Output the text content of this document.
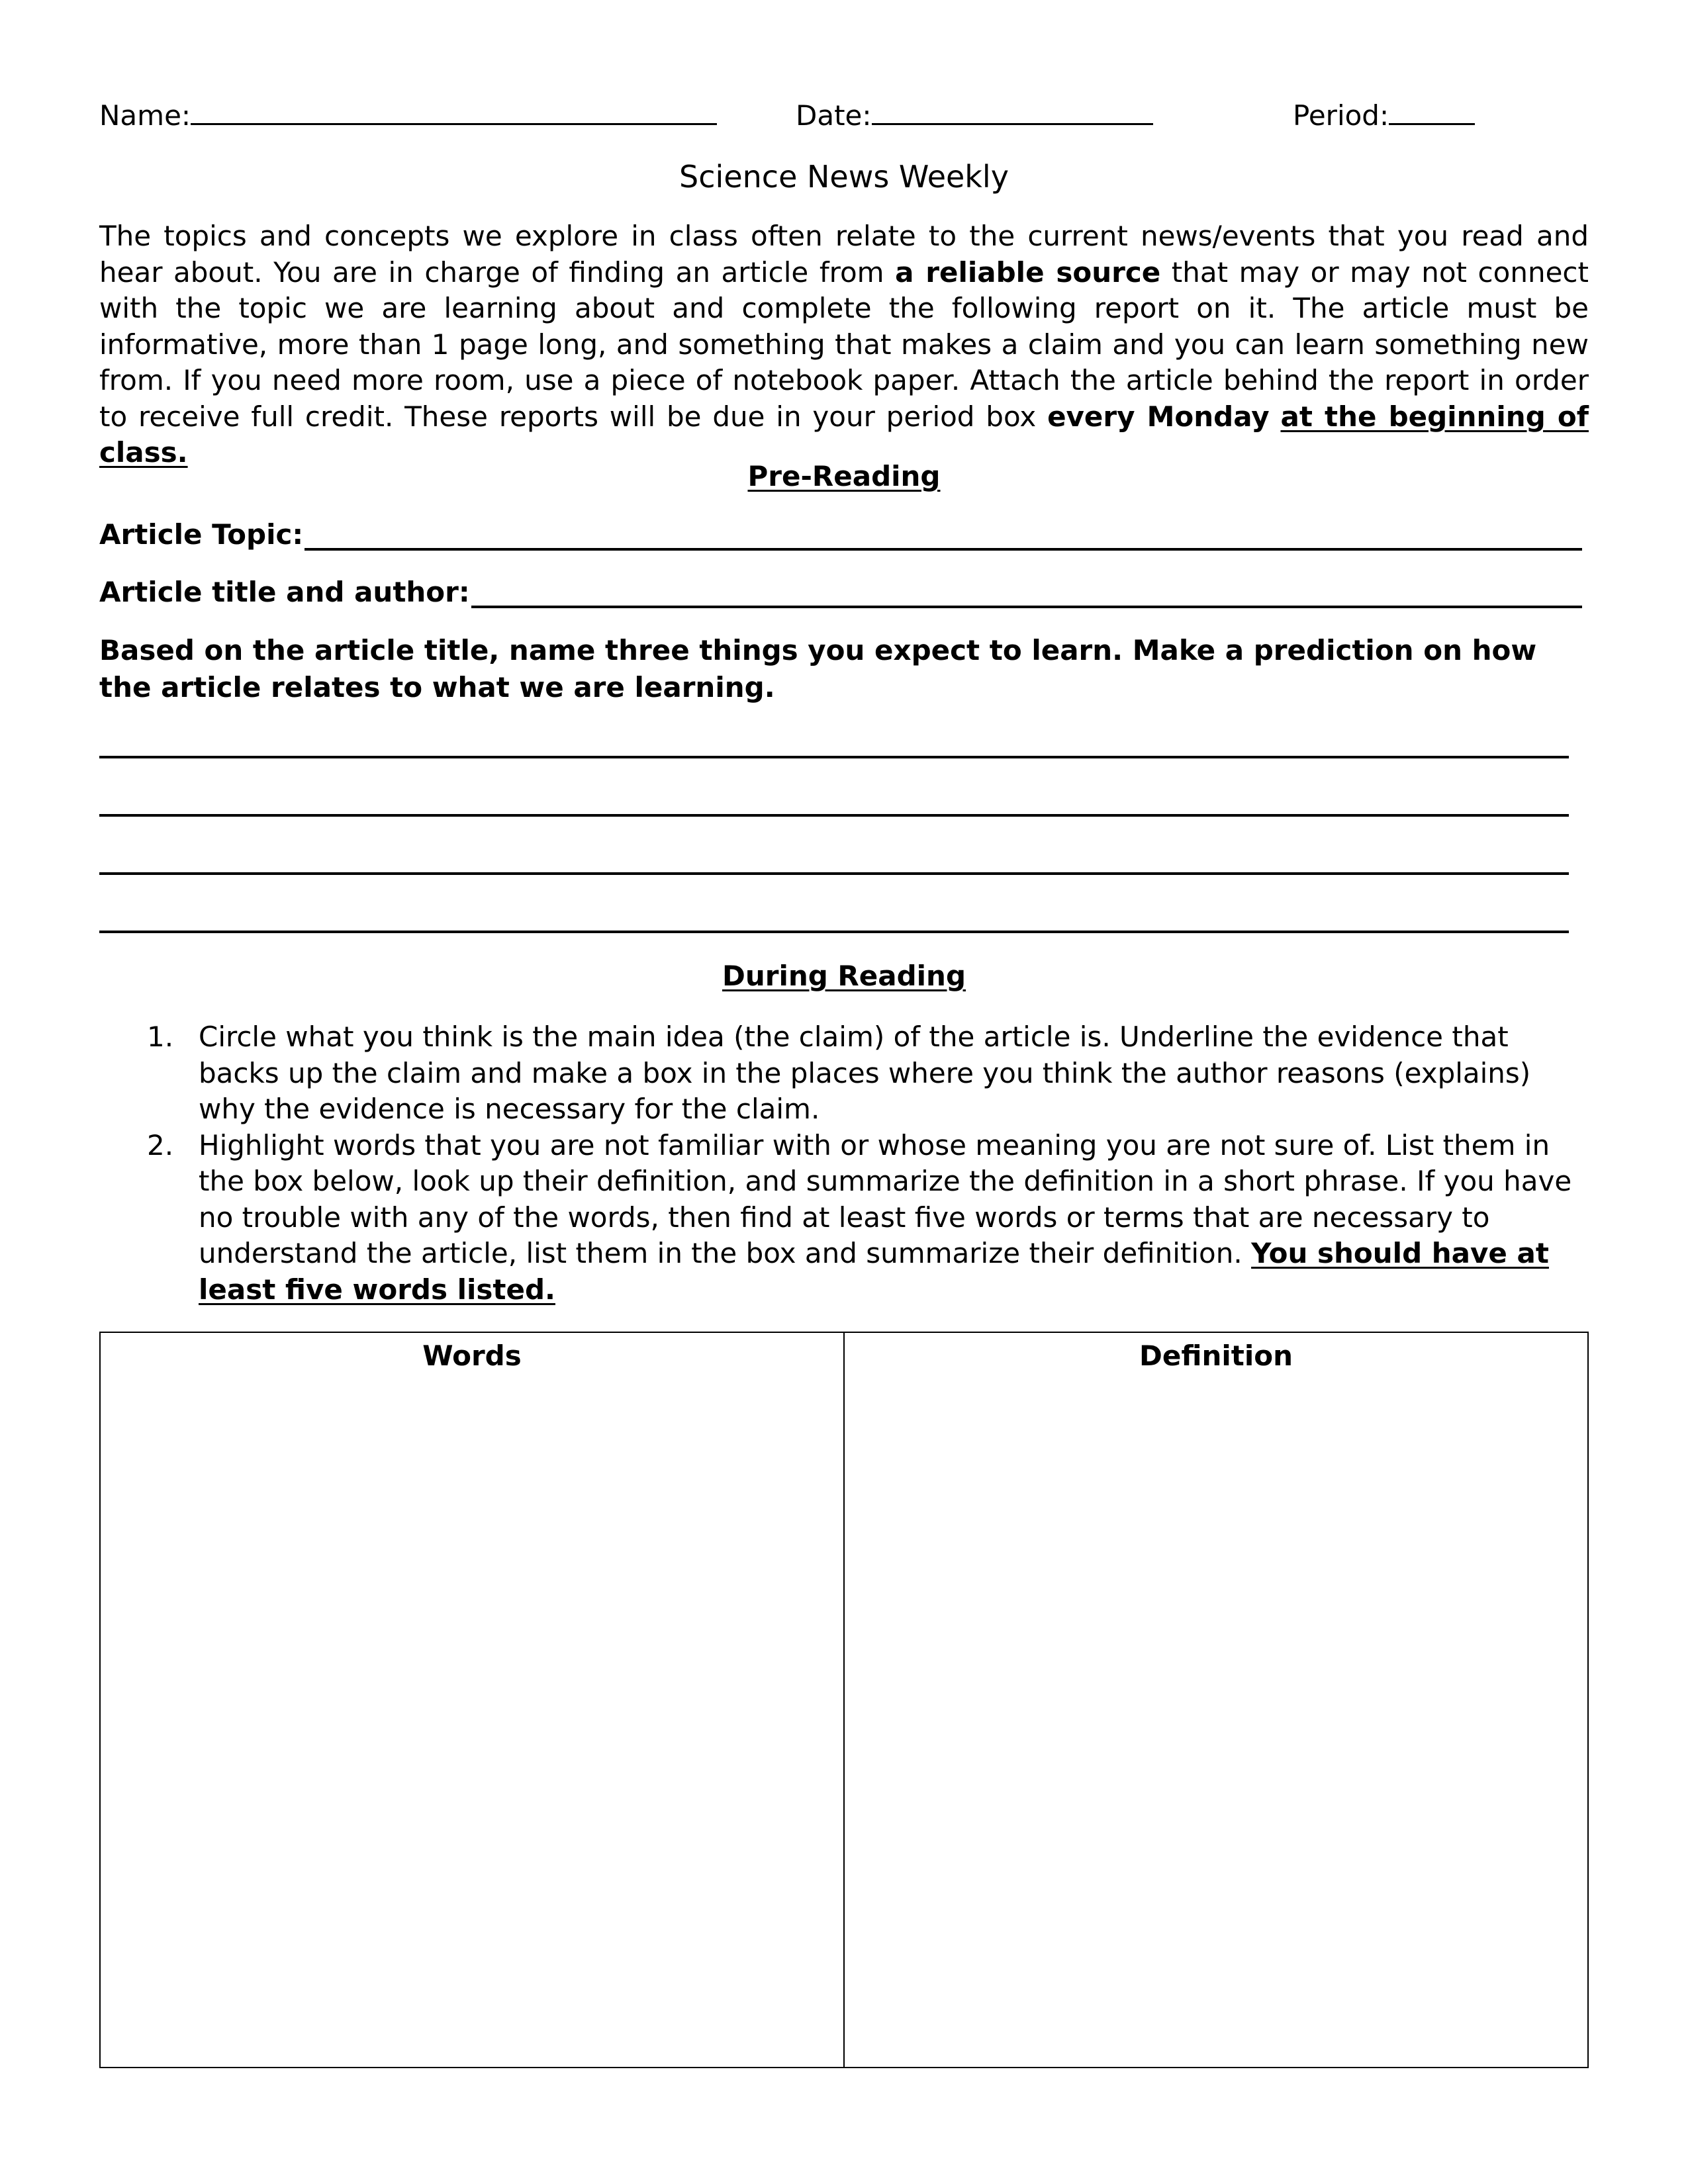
Name:	Date:	Period:
Science News Weekly
The topics and concepts we explore in class often relate to the current news/events that you read and hear about. You are in charge of finding an article from a reliable source that may or may not connect with the topic we are learning about and complete the following report on it. The article must be informative, more than 1 page long, and something that makes a claim and you can learn something new from. If you need more room, use a piece of notebook paper. Attach the article behind the report in order to receive full credit. These reports will be due in your period box every Monday at the beginning of class.
Pre-Reading
Article Topic:
Article title and author:
Based on the article title, name three things you expect to learn. Make a prediction on how the article relates to what we are learning.
During Reading
1. Circle what you think is the main idea (the claim) of the article is. Underline the evidence that backs up the claim and make a box in the places where you think the author reasons (explains) why the evidence is necessary for the claim.
2. Highlight words that you are not familiar with or whose meaning you are not sure of. List them in the box below, look up their definition, and summarize the definition in a short phrase. If you have no trouble with any of the words, then find at least five words or terms that are necessary to understand the article, list them in the box and summarize their definition. You should have at least five words listed.
Words	Definition
